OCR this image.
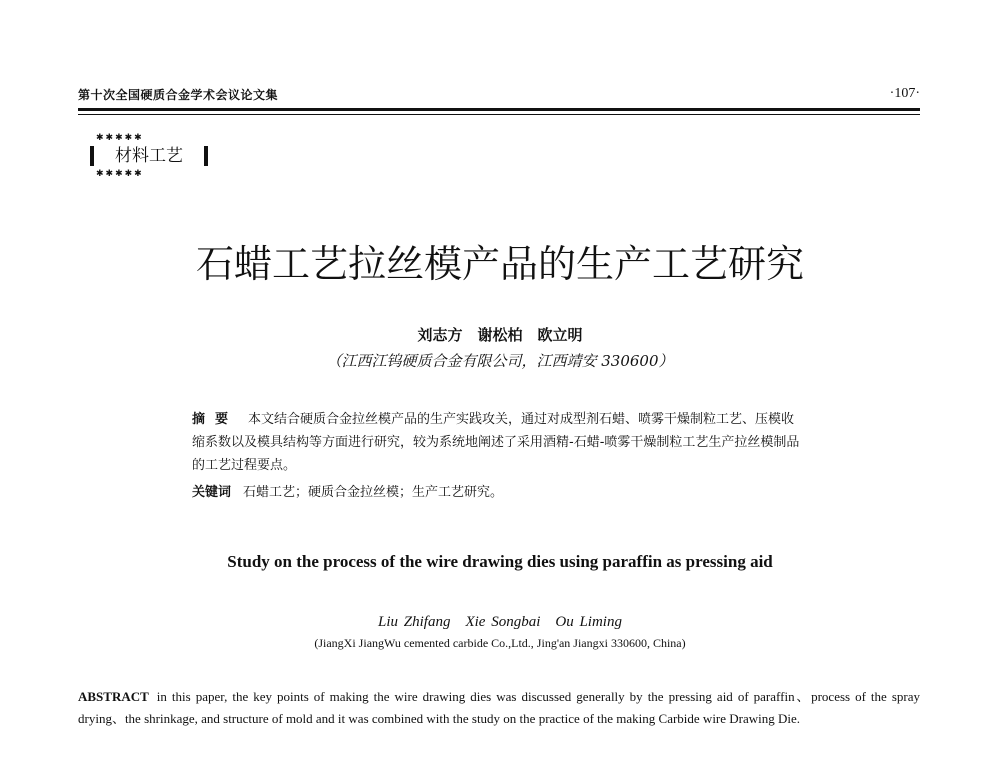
第十次全国硬质合金学术会议论文集	·107·
✱✱✱✱✱
材料工艺
✱✱✱✱✱
石蜡工艺拉丝模产品的生产工艺研究
刘志方　谢松柏　欧立明
（江西江钨硬质合金有限公司，江西靖安 330600）
摘要 本文结合硬质合金拉丝模产品的生产实践攻关，通过对成型剂石蜡、喷雾干燥制粒工艺、压模收缩系数以及模具结构等方面进行研究，较为系统地阐述了采用酒精-石蜡-喷雾干燥制粒工艺生产拉丝模制品的工艺过程要点。
关键词 石蜡工艺；硬质合金拉丝模；生产工艺研究。
Study on the process of the wire drawing dies using paraffin as pressing aid
Liu Zhifang　Xie Songbai　Ou Liming
(JiangXi JiangWu cemented carbide Co.,Ltd., Jing'an Jiangxi 330600, China)
ABSTRACT in this paper, the key points of making the wire drawing dies was discussed generally by the pressing aid of paraffin、process of the spray drying、the shrinkage, and structure of mold and it was combined with the study on the practice of the making Carbide wire Drawing Die.
